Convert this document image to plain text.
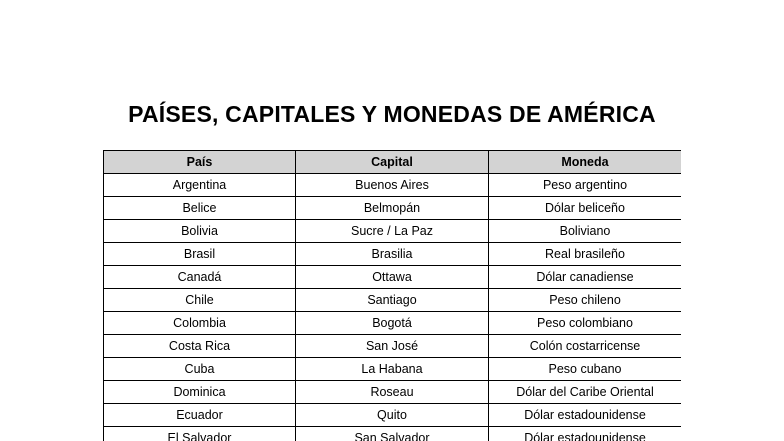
PAÍSES, CAPITALES Y MONEDAS DE AMÉRICA
País	Capital	Moneda
Argentina	Buenos Aires	Peso argentino
Belice	Belmopán	Dólar beliceño
Bolivia	Sucre / La Paz	Boliviano
Brasil	Brasilia	Real brasileño
Canadá	Ottawa	Dólar canadiense
Chile	Santiago	Peso chileno
Colombia	Bogotá	Peso colombiano
Costa Rica	San José	Colón costarricense
Cuba	La Habana	Peso cubano
Dominica	Roseau	Dólar del Caribe Oriental
Ecuador	Quito	Dólar estadounidense
El Salvador	San Salvador	Dólar estadounidense
